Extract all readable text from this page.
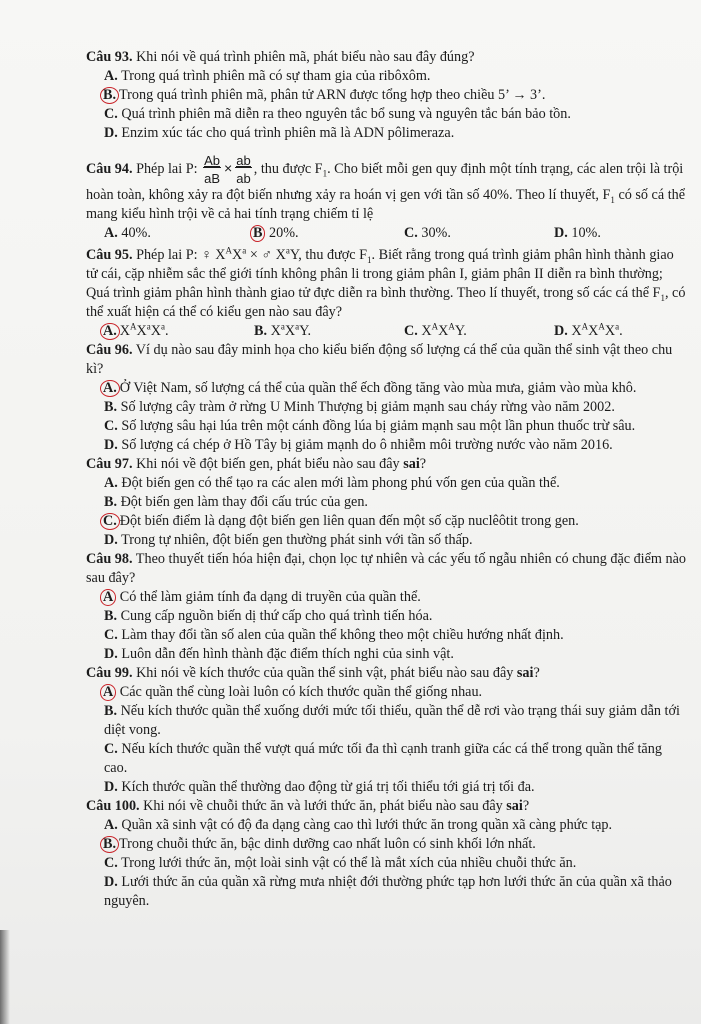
Câu 93. Khi nói về quá trình phiên mã, phát biểu nào sau đây đúng?
A. Trong quá trình phiên mã có sự tham gia của ribôxôm.
B. Trong quá trình phiên mã, phân tử ARN được tổng hợp theo chiều 5’ → 3’.
C. Quá trình phiên mã diễn ra theo nguyên tắc bổ sung và nguyên tắc bán bảo tồn.
D. Enzim xúc tác cho quá trình phiên mã là ADN pôlimeraza.
Câu 94. Phép lai P: $\frac{Ab}{aB} \times \frac{ab}{ab}$ , thu được $F_1$. Cho biết mỗi gen quy định một tính trạng, các alen trội là trội hoàn toàn, không xảy ra đột biến nhưng xảy ra hoán vị gen với tần số 40%. Theo lí thuyết, $F_1$ có số cá thể mang kiểu hình trội về cả hai tính trạng chiếm tỉ lệ
A. 40%.	B 20%.	C. 30%.	D. 10%.
Câu 95. Phép lai P: ♀ $X^AX^a$ × ♂ $X^aY$, thu được $F_1$. Biết rằng trong quá trình giảm phân hình thành giao tử cái, cặp nhiễm sắc thể giới tính không phân li trong giảm phân I, giảm phân II diễn ra bình thường; Quá trình giảm phân hình thành giao tử đực diễn ra bình thường. Theo lí thuyết, trong số các cá thể $F_1$, có thể xuất hiện cá thể có kiểu gen nào sau đây?
A. $X^AX^aX^a$.	B. $X^aX^aY$.	C. $X^AX^AY$.	D. $X^AX^AX^a$.
Câu 96. Ví dụ nào sau đây minh họa cho kiểu biến động số lượng cá thể của quần thể sinh vật theo chu kì?
A. Ở Việt Nam, số lượng cá thể của quần thể ếch đồng tăng vào mùa mưa, giảm vào mùa khô.
B. Số lượng cây tràm ở rừng U Minh Thượng bị giảm mạnh sau cháy rừng vào năm 2002.
C. Số lượng sâu hại lúa trên một cánh đồng lúa bị giảm mạnh sau một lần phun thuốc trừ sâu.
D. Số lượng cá chép ở Hồ Tây bị giảm mạnh do ô nhiễm môi trường nước vào năm 2016.
Câu 97. Khi nói về đột biến gen, phát biểu nào sau đây sai?
A. Đột biến gen có thể tạo ra các alen mới làm phong phú vốn gen của quần thể.
B. Đột biến gen làm thay đổi cấu trúc của gen.
C. Đột biến điểm là dạng đột biến gen liên quan đến một số cặp nuclêôtit trong gen.
D. Trong tự nhiên, đột biến gen thường phát sinh với tần số thấp.
Câu 98. Theo thuyết tiến hóa hiện đại, chọn lọc tự nhiên và các yếu tố ngẫu nhiên có chung đặc điểm nào sau đây?
A Có thể làm giảm tính đa dạng di truyền của quần thể.
B. Cung cấp nguồn biến dị thứ cấp cho quá trình tiến hóa.
C. Làm thay đổi tần số alen của quần thể không theo một chiều hướng nhất định.
D. Luôn dẫn đến hình thành đặc điểm thích nghi của sinh vật.
Câu 99. Khi nói về kích thước của quần thể sinh vật, phát biểu nào sau đây sai?
A Các quần thể cùng loài luôn có kích thước quần thể giống nhau.
B. Nếu kích thước quần thể xuống dưới mức tối thiểu, quần thể dễ rơi vào trạng thái suy giảm dẫn tới diệt vong.
C. Nếu kích thước quần thể vượt quá mức tối đa thì cạnh tranh giữa các cá thể trong quần thể tăng cao.
D. Kích thước quần thể thường dao động từ giá trị tối thiểu tới giá trị tối đa.
Câu 100. Khi nói về chuỗi thức ăn và lưới thức ăn, phát biểu nào sau đây sai?
A. Quần xã sinh vật có độ đa dạng càng cao thì lưới thức ăn trong quần xã càng phức tạp.
B. Trong chuỗi thức ăn, bậc dinh dưỡng cao nhất luôn có sinh khối lớn nhất.
C. Trong lưới thức ăn, một loài sinh vật có thể là mắt xích của nhiều chuỗi thức ăn.
D. Lưới thức ăn của quần xã rừng mưa nhiệt đới thường phức tạp hơn lưới thức ăn của quần xã thảo nguyên.
